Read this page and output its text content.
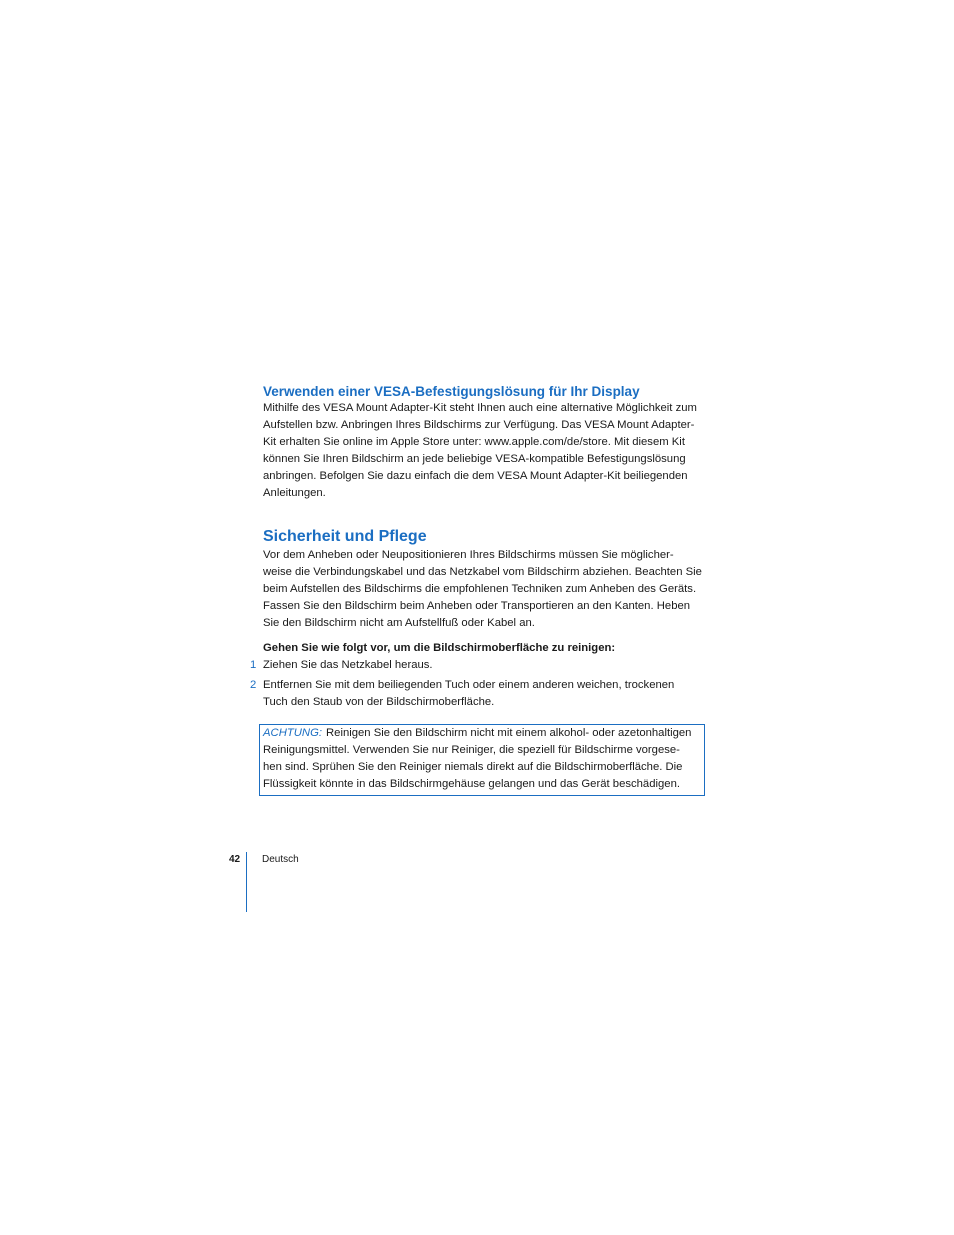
Verwenden einer VESA-Befestigungslösung für Ihr Display

Mithilfe des VESA Mount Adapter-Kit steht Ihnen auch eine alternative Möglichkeit zum
Aufstellen bzw. Anbringen Ihres Bildschirms zur Verfügung. Das VESA Mount Adapter-
Kit erhalten Sie online im Apple Store unter: www.apple.com/de/store. Mit diesem Kit
können Sie Ihren Bildschirm an jede beliebige VESA-kompatible Befestigungslösung
anbringen. Befolgen Sie dazu einfach die dem VESA Mount Adapter-Kit beiliegenden
Anleitungen.

Sicherheit und Pflege

Vor dem Anheben oder Neupositionieren Ihres Bildschirms müssen Sie möglicher-
weise die Verbindungskabel und das Netzkabel vom Bildschirm abziehen. Beachten Sie
beim Aufstellen des Bildschirms die empfohlenen Techniken zum Anheben des Geräts.
Fassen Sie den Bildschirm beim Anheben oder Transportieren an den Kanten. Heben
Sie den Bildschirm nicht am Aufstellfuß oder Kabel an.

Gehen Sie wie folgt vor, um die Bildschirmoberfläche zu reinigen:
1 Ziehen Sie das Netzkabel heraus.
2 Entfernen Sie mit dem beiliegenden Tuch oder einem anderen weichen, trockenen
Tuch den Staub von der Bildschirmoberfläche.
ACHTUNG: Reinigen Sie den Bildschirm nicht mit einem alkohol- oder azetonhaltigen
Reinigungsmittel. Verwenden Sie nur Reiniger, die speziell für Bildschirme vorgese-
hen sind. Sprühen Sie den Reiniger niemals direkt auf die Bildschirmoberfläche. Die
Flüssigkeit könnte in das Bildschirmgehäuse gelangen und das Gerät beschädigen.
42 Deutsch
